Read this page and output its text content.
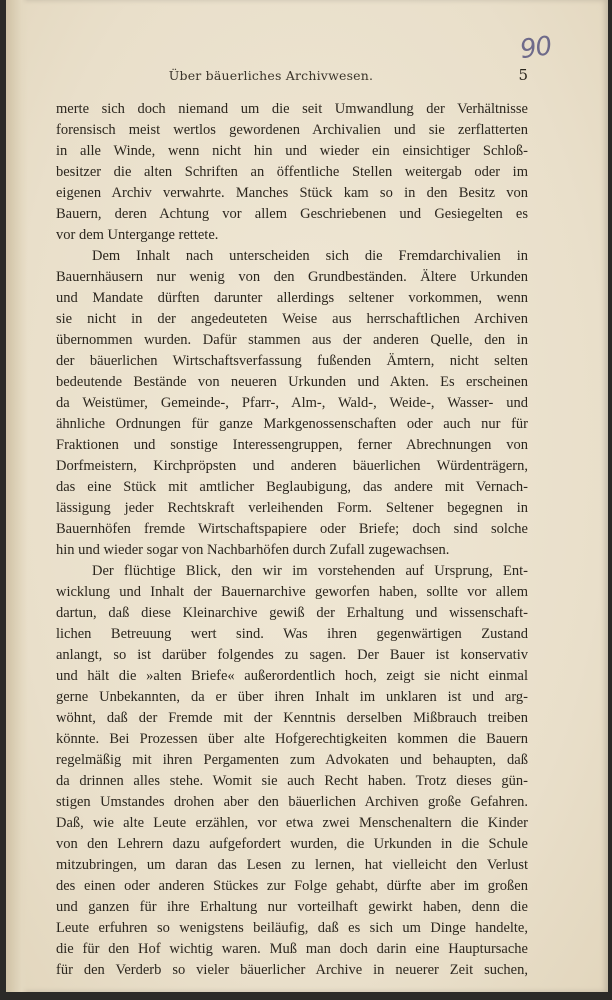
90
Über bäuerliches Archivwesen.	5
merte sich doch niemand um die seit Umwandlung der Verhältnisse
forensisch meist wertlos gewordenen Archivalien und sie zerflatterten
in alle Winde, wenn nicht hin und wieder ein einsichtiger Schloß-
besitzer die alten Schriften an öffentliche Stellen weitergab oder im
eigenen Archiv verwahrte. Manches Stück kam so in den Besitz von
Bauern, deren Achtung vor allem Geschriebenen und Gesiegelten es
vor dem Untergange rettete.
Dem Inhalt nach unterscheiden sich die Fremdarchivalien in
Bauernhäusern nur wenig von den Grundbeständen. Ältere Urkunden
und Mandate dürften darunter allerdings seltener vorkommen, wenn
sie nicht in der angedeuteten Weise aus herrschaftlichen Archiven
übernommen wurden. Dafür stammen aus der anderen Quelle, den in
der bäuerlichen Wirtschaftsverfassung fußenden Ämtern, nicht selten
bedeutende Bestände von neueren Urkunden und Akten. Es erscheinen
da Weistümer, Gemeinde-, Pfarr-, Alm-, Wald-, Weide-, Wasser- und
ähnliche Ordnungen für ganze Markgenossenschaften oder auch nur für
Fraktionen und sonstige Interessengruppen, ferner Abrechnungen von
Dorfmeistern, Kirchpröpsten und anderen bäuerlichen Würdenträgern,
das eine Stück mit amtlicher Beglaubigung, das andere mit Vernach-
lässigung jeder Rechtskraft verleihenden Form. Seltener begegnen in
Bauernhöfen fremde Wirtschaftspapiere oder Briefe; doch sind solche
hin und wieder sogar von Nachbarhöfen durch Zufall zugewachsen.
Der flüchtige Blick, den wir im vorstehenden auf Ursprung, Ent-
wicklung und Inhalt der Bauernarchive geworfen haben, sollte vor allem
dartun, daß diese Kleinarchive gewiß der Erhaltung und wissenschaft-
lichen Betreuung wert sind. Was ihren gegenwärtigen Zustand
anlangt, so ist darüber folgendes zu sagen. Der Bauer ist konservativ
und hält die »alten Briefe« außerordentlich hoch, zeigt sie nicht einmal
gerne Unbekannten, da er über ihren Inhalt im unklaren ist und arg-
wöhnt, daß der Fremde mit der Kenntnis derselben Mißbrauch treiben
könnte. Bei Prozessen über alte Hofgerechtigkeiten kommen die Bauern
regelmäßig mit ihren Pergamenten zum Advokaten und behaupten, daß
da drinnen alles stehe. Womit sie auch Recht haben. Trotz dieses gün-
stigen Umstandes drohen aber den bäuerlichen Archiven große Gefahren.
Daß, wie alte Leute erzählen, vor etwa zwei Menschenaltern die Kinder
von den Lehrern dazu aufgefordert wurden, die Urkunden in die Schule
mitzubringen, um daran das Lesen zu lernen, hat vielleicht den Verlust
des einen oder anderen Stückes zur Folge gehabt, dürfte aber im großen
und ganzen für ihre Erhaltung nur vorteilhaft gewirkt haben, denn die
Leute erfuhren so wenigstens beiläufig, daß es sich um Dinge handelte,
die für den Hof wichtig waren. Muß man doch darin eine Hauptursache
für den Verderb so vieler bäuerlicher Archive in neuerer Zeit suchen,
